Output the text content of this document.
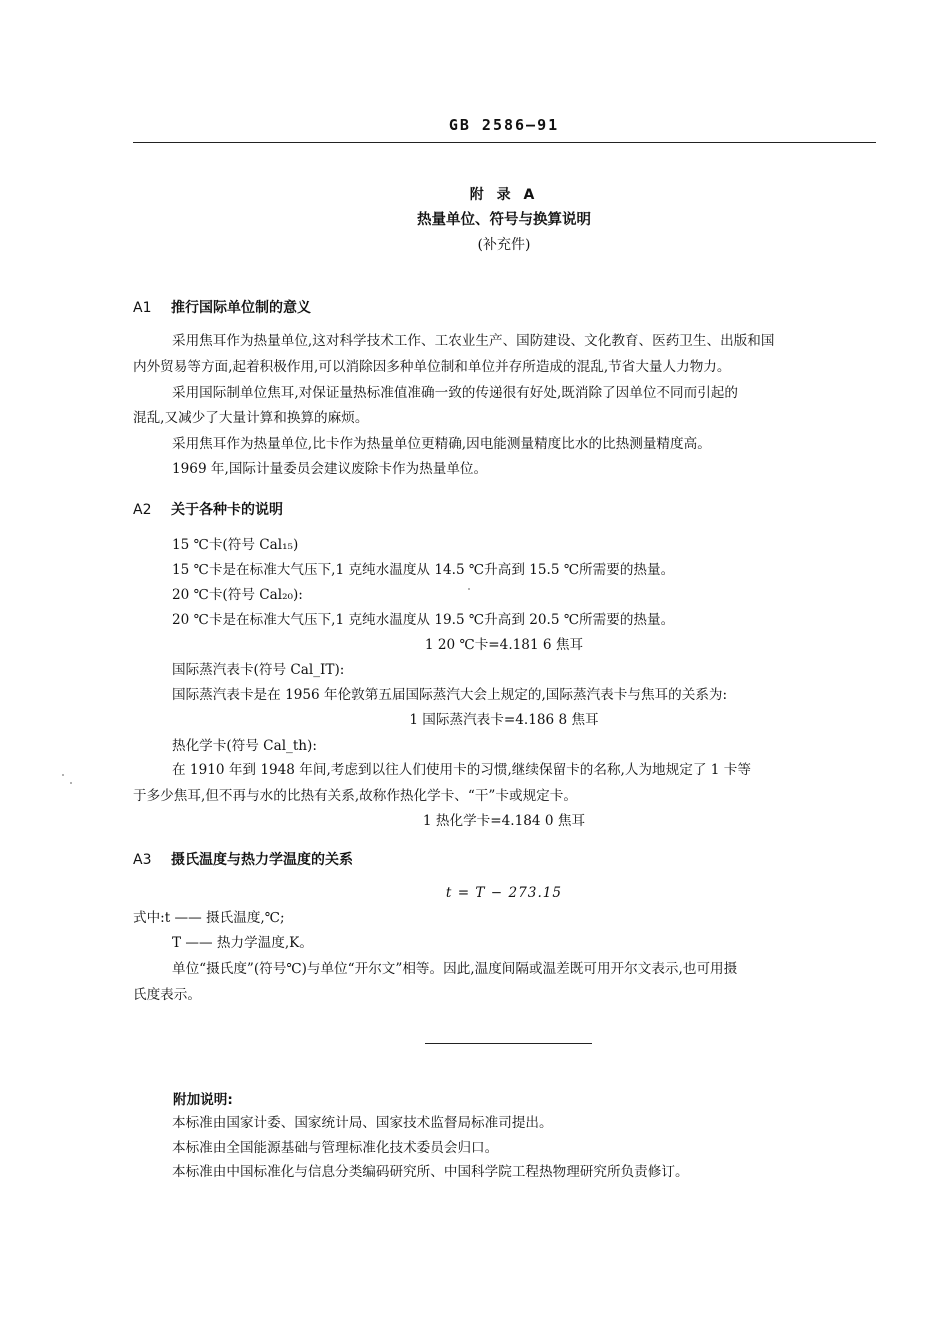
GB 2586—91
附 录 A
热量单位、符号与换算说明
(补充件)
A1 推行国际单位制的意义
采用焦耳作为热量单位,这对科学技术工作、工农业生产、国防建设、文化教育、医药卫生、出版和国
内外贸易等方面,起着积极作用,可以消除因多种单位制和单位并存所造成的混乱,节省大量人力物力。
采用国际制单位焦耳,对保证量热标准值准确一致的传递很有好处,既消除了因单位不同而引起的
混乱,又减少了大量计算和换算的麻烦。
采用焦耳作为热量单位,比卡作为热量单位更精确,因电能测量精度比水的比热测量精度高。
1969 年,国际计量委员会建议废除卡作为热量单位。
A2 关于各种卡的说明
15 ℃卡(符号 Cal₁₅)
15 ℃卡是在标准大气压下,1 克纯水温度从 14.5 ℃升高到 15.5 ℃所需要的热量。
20 ℃卡(符号 Cal₂₀):
20 ℃卡是在标准大气压下,1 克纯水温度从 19.5 ℃升高到 20.5 ℃所需要的热量。
1 20 ℃卡=4.181 6 焦耳
国际蒸汽表卡(符号 Cal_IT):
国际蒸汽表卡是在 1956 年伦敦第五届国际蒸汽大会上规定的,国际蒸汽表卡与焦耳的关系为:
1 国际蒸汽表卡=4.186 8 焦耳
热化学卡(符号 Cal_th):
在 1910 年到 1948 年间,考虑到以往人们使用卡的习惯,继续保留卡的名称,人为地规定了 1 卡等
于多少焦耳,但不再与水的比热有关系,故称作热化学卡、“干”卡或规定卡。
1 热化学卡=4.184 0 焦耳
A3 摄氏温度与热力学温度的关系
t = T − 273.15
式中:t —— 摄氏温度,℃;
T —— 热力学温度,K。
单位“摄氏度”(符号℃)与单位“开尔文”相等。因此,温度间隔或温差既可用开尔文表示,也可用摄
氏度表示。
附加说明:
本标准由国家计委、国家统计局、国家技术监督局标准司提出。
本标准由全国能源基础与管理标准化技术委员会归口。
本标准由中国标准化与信息分类编码研究所、中国科学院工程热物理研究所负责修订。
